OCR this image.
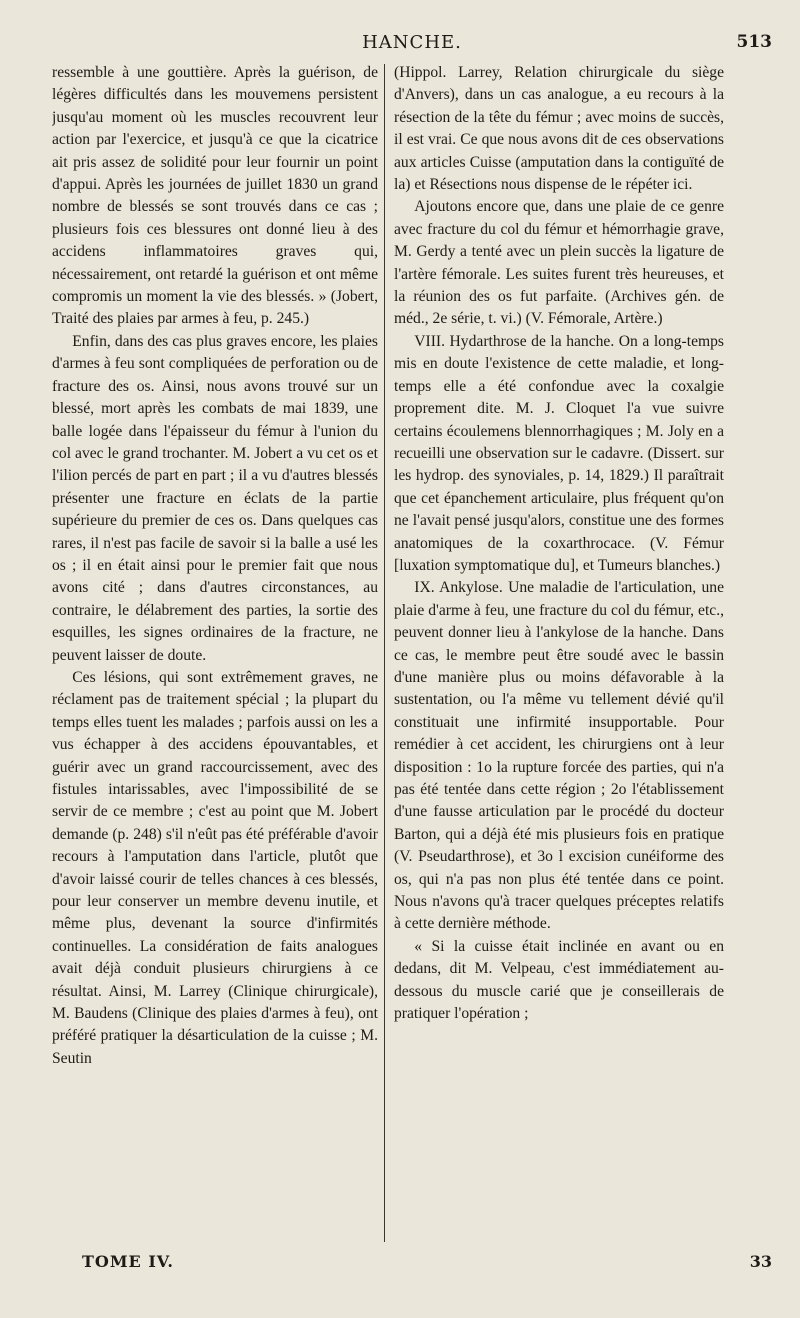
HANCHE.	513

ressemble à une gouttière. Après la guérison, de légères difficultés dans les mouvemens persistent jusqu'au moment où les muscles recouvrent leur action par l'exercice, et jusqu'à ce que la cicatrice ait pris assez de solidité pour leur fournir un point d'appui. Après les journées de juillet 1830 un grand nombre de blessés se sont trouvés dans ce cas ; plusieurs fois ces blessures ont donné lieu à des accidens inflammatoires graves qui, nécessairement, ont retardé la guérison et ont même compromis un moment la vie des blessés. » (Jobert, Traité des plaies par armes à feu, p. 245.)

Enfin, dans des cas plus graves encore, les plaies d'armes à feu sont compliquées de perforation ou de fracture des os. Ainsi, nous avons trouvé sur un blessé, mort après les combats de mai 1839, une balle logée dans l'épaisseur du fémur à l'union du col avec le grand trochanter. M. Jobert a vu cet os et l'ilion percés de part en part ; il a vu d'autres blessés présenter une fracture en éclats de la partie supérieure du premier de ces os. Dans quelques cas rares, il n'est pas facile de savoir si la balle a usé les os ; il en était ainsi pour le premier fait que nous avons cité ; dans d'autres circonstances, au contraire, le délabrement des parties, la sortie des esquilles, les signes ordinaires de la fracture, ne peuvent laisser de doute.

Ces lésions, qui sont extrêmement graves, ne réclament pas de traitement spécial ; la plupart du temps elles tuent les malades ; parfois aussi on les a vus échapper à des accidens épouvantables, et guérir avec un grand raccourcissement, avec des fistules intarissables, avec l'impossibilité de se servir de ce membre ; c'est au point que M. Jobert demande (p. 248) s'il n'eût pas été préférable d'avoir recours à l'amputation dans l'article, plutôt que d'avoir laissé courir de telles chances à ces blessés, pour leur conserver un membre devenu inutile, et même plus, devenant la source d'infirmités continuelles. La considération de faits analogues avait déjà conduit plusieurs chirurgiens à ce résultat. Ainsi, M. Larrey (Clinique chirurgicale), M. Baudens (Clinique des plaies d'armes à feu), ont préféré pratiquer la désarticulation de la cuisse ; M. Seutin

(Hippol. Larrey, Relation chirurgicale du siège d'Anvers), dans un cas analogue, a eu recours à la résection de la tête du fémur ; avec moins de succès, il est vrai. Ce que nous avons dit de ces observations aux articles Cuisse (amputation dans la contiguïté de la) et Résections nous dispense de le répéter ici.

Ajoutons encore que, dans une plaie de ce genre avec fracture du col du fémur et hémorrhagie grave, M. Gerdy a tenté avec un plein succès la ligature de l'artère fémorale. Les suites furent très heureuses, et la réunion des os fut parfaite. (Archives gén. de méd., 2e série, t. vi.) (V. Fémorale, Artère.)

VIII. Hydarthrose de la hanche. On a long-temps mis en doute l'existence de cette maladie, et long-temps elle a été confondue avec la coxalgie proprement dite. M. J. Cloquet l'a vue suivre certains écoulemens blennorrhagiques ; M. Joly en a recueilli une observation sur le cadavre. (Dissert. sur les hydrop. des synoviales, p. 14, 1829.) Il paraîtrait que cet épanchement articulaire, plus fréquent qu'on ne l'avait pensé jusqu'alors, constitue une des formes anatomiques de la coxarthrocace. (V. Fémur [luxation symptomatique du], et Tumeurs blanches.)

IX. Ankylose. Une maladie de l'articulation, une plaie d'arme à feu, une fracture du col du fémur, etc., peuvent donner lieu à l'ankylose de la hanche. Dans ce cas, le membre peut être soudé avec le bassin d'une manière plus ou moins défavorable à la sustentation, ou l'a même vu tellement dévié qu'il constituait une infirmité insupportable. Pour remédier à cet accident, les chirurgiens ont à leur disposition : 1o la rupture forcée des parties, qui n'a pas été tentée dans cette région ; 2o l'établissement d'une fausse articulation par le procédé du docteur Barton, qui a déjà été mis plusieurs fois en pratique (V. Pseudarthrose), et 3o l excision cunéiforme des os, qui n'a pas non plus été tentée dans ce point. Nous n'avons qu'à tracer quelques préceptes relatifs à cette dernière méthode.

« Si la cuisse était inclinée en avant ou en dedans, dit M. Velpeau, c'est immédiatement au-dessous du muscle carié que je conseillerais de pratiquer l'opération ;

TOME IV.	33
